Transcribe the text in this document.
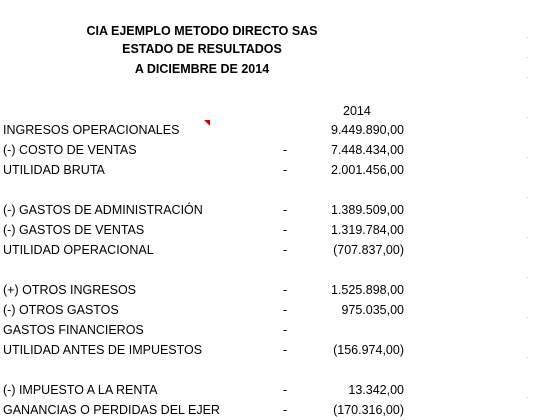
CIA EJEMPLO METODO DIRECTO SAS
ESTADO DE RESULTADOS
A DICIEMBRE DE 2014
2014
INGRESOS OPERACIONALES	9.449.890,00
(-) COSTO DE VENTAS	-	7.448.434,00
UTILIDAD BRUTA	-	2.001.456,00
(-) GASTOS DE ADMINISTRACIÓN	-	1.389.509,00
(-) GASTOS DE VENTAS	-	1.319.784,00
UTILIDAD OPERACIONAL	-	(707.837,00)
(+) OTROS INGRESOS	-	1.525.898,00
(-) OTROS GASTOS	-	975.035,00
GASTOS FINANCIEROS	-
UTILIDAD ANTES DE IMPUESTOS	-	(156.974,00)
(-) IMPUESTO A LA RENTA	-	13.342,00
GANANCIAS O PERDIDAS DEL EJER	-	(170.316,00)
